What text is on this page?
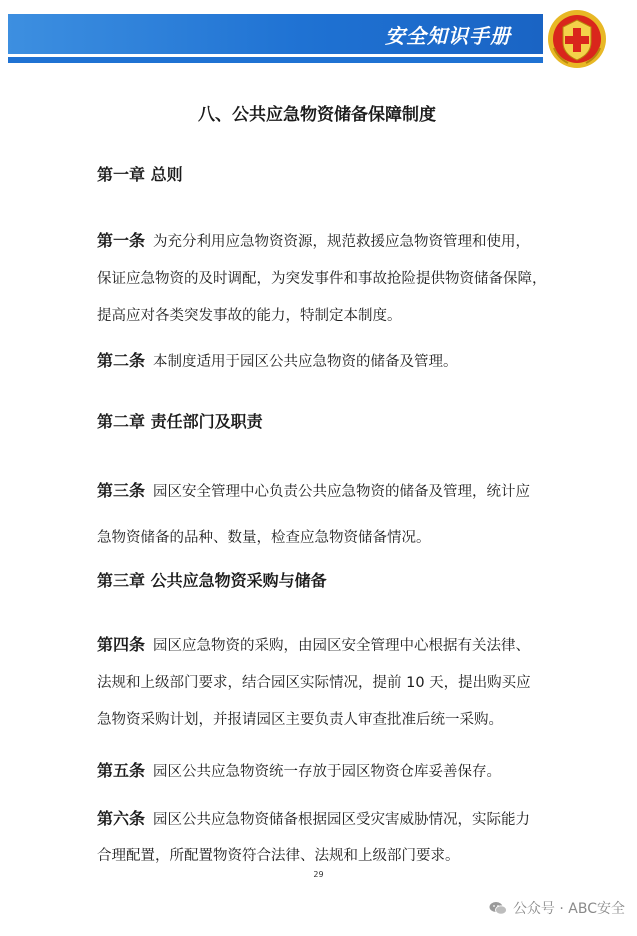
安全知识手册
八、公共应急物资储备保障制度
第一章 总则
第一条 为充分利用应急物资资源，规范救援应急物资管理和使用，
保证应急物资的及时调配，为突发事件和事故抢险提供物资储备保障，
提高应对各类突发事故的能力，特制定本制度。
第二条 本制度适用于园区公共应急物资的储备及管理。
第二章 责任部门及职责
第三条 园区安全管理中心负责公共应急物资的储备及管理，统计应
急物资储备的品种、数量，检查应急物资储备情况。
第三章 公共应急物资采购与储备
第四条 园区应急物资的采购，由园区安全管理中心根据有关法律、
法规和上级部门要求，结合园区实际情况，提前 10 天，提出购买应
急物资采购计划，并报请园区主要负责人审查批准后统一采购。
第五条 园区公共应急物资统一存放于园区物资仓库妥善保存。
第六条 园区公共应急物资储备根据园区受灾害威胁情况，实际能力
合理配置，所配置物资符合法律、法规和上级部门要求。
29
公众号 · ABC安全
